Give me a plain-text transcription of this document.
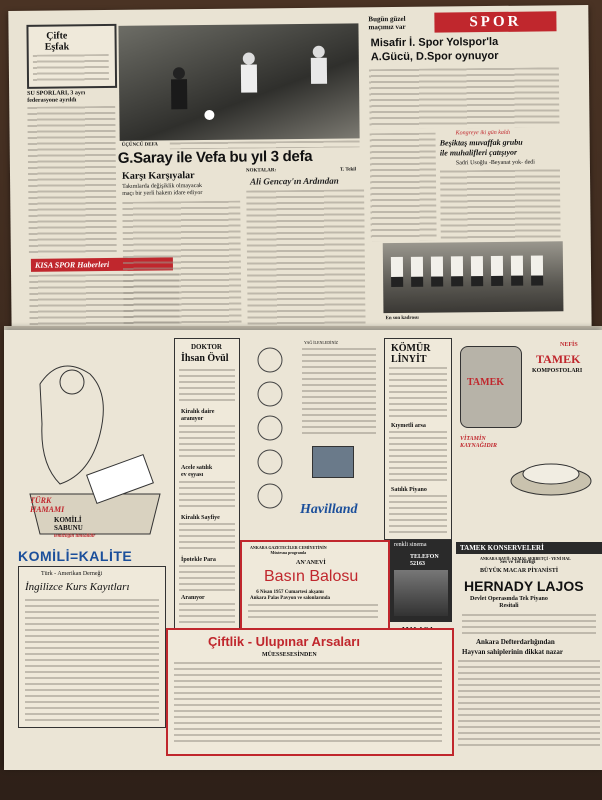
Çifte
Eşfak
SU SPORLARI, 3 ayrı
federasyone ayrıldı
KISA SPOR Haberleri
ÜÇÜNCÜ DEFA
G.Saray ile Vefa bu yıl 3 defa
Karşı Karşıyalar
Takımlarda değişiklik olmayacak
maçı bir yerli hakem idare ediyor
NOKTALAR:	T. Tekil
Ali Gencay'ın Ardından
Bugün güzel
maçımız var	SPOR
Misafir İ. Spor Yolspor'la
A.Gücü, D.Spor oynuyor
Kongreye iki gün kaldı
Beşiktaş muvaffak grubu
ile muhalifleri çatışıyor
Sadri Usoğlu -Beyanat yok- dedi
En son kadrosu
TÜRK
HAMAMI
KOMİLİ
SABUNU
temizliğin timsalidir
KOMİLİ=KALİTE
Türk - Amerikan Derneği
İngilizce Kurs Kayıtları
DOKTOR
İhsan Övül
Kiralık daire
aranıyor
Acele satılık
ev eşyası
Kiralık Sayfiye
İpotekle Para
Aranıyor
YAĞ İLENLEDİNİZ
Havilland
KÖMÜR
LİNYİT
Kıymetli arsa
Satılık Piyano
TAMEK
NEFİS
TAMEK
KOMPOSTOLARI
VİTAMİN
KAYNAĞIDIR
TAMEK KONSERVELERİ
ANKARA BAYİİ: KEMAL ŞERBETÇİ - YENİ HAL
ANKARA GAZETECİLER CEMİYETİNİN
Müstesna programla
AN'ANEVİ
Basın Balosu
6 Nisan 1957 Cumartesi akşamı
Ankara Palas Pavyon ve salonlarında
renkli sinema
TELEFON
52163	Ses ve Tel Birliği
BÜYÜK MACAR PİYANİSTİ
HERNADY LAJOS
Devlet Operasında Tek Piyano
Resitali
Ankara Defterdarlığından
Hayvan sahiplerinin dikkat nazar
Çiftlik - Ulupınar Arsaları
MÜESSESESİNDEN
